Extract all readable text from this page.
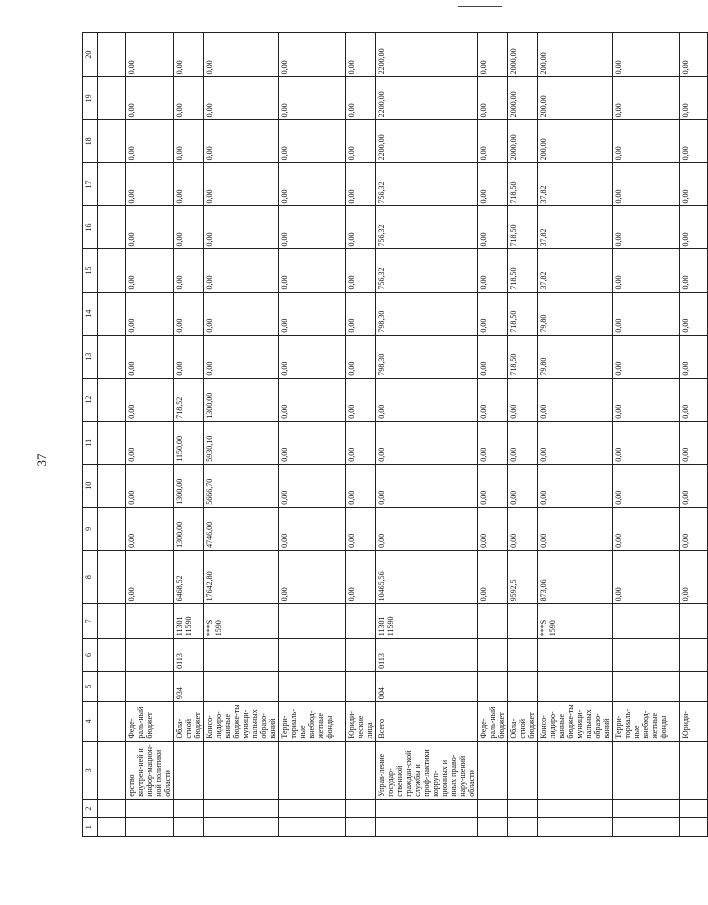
37
1	2	3	4	5	6	7	8	9	10	11	12	13	14	15	16	17	18	19	20

		ерство внутрен-ней и инфор-мацион-ной политики области	Феде-раль-ный бюджет				0,00	0,00	0,00	0,00	0,00	0,00	0,00	0,00	0,00	0,00	0,00	0,00	0,00
			Обла-стной бюджет	934	0113	11301 11590	6468,52	1300,00	1300,00	1150,00	718,52	0,00	0,00	0,00	0,00	0,00	0,00	0,00	0,00
			Консо-лидиро-ванные бюдже-ты муници-пальных образо-ваний			***S 1590	17642,80	4746,00	5666,70	5930,10	1300,00	0,00	0,00	0,00	0,00	0,00	0,00	0,00	0,00
			Терри-ториаль-ные внебюд-жетные фонды				0,00	0,00	0,00	0,00	0,00	0,00	0,00	0,00	0,00	0,00	0,00	0,00	0,00
			Юриди-ческие лица				0,00	0,00	0,00	0,00	0,00	0,00	0,00	0,00	0,00	0,00	0,00	0,00	0,00
		Управ-ление государ-ственной граждан-ской службы и проф-лактики корруп-ционных и иных право-нару-шений области	Всего	004	0113	11301 11590	10465,56	0,00	0,00	0,00	0,00	798,30	798,30	756,32	756,32	756,32	2200,00	2200,00	2200,00
			Феде-раль-ный бюджет				0,00	0,00	0,00	0,00	0,00	0,00	0,00	0,00	0,00	0,00	0,00	0,00	0,00
			Обла-стной бюджет				9592,5	0,00	0,00	0,00	0,00	718,50	718,50	718,50	718,50	718,50	2000,00	2000,00	2000,00
			Консо-лидиро-ванные бюдже-ты муници-пальных образо-ваний			***S 1590	873,06	0,00	0,00	0,00	0,00	79,80	79,80	37,82	37,82	37,82	200,00	200,00	200,00
			Терри-ториаль-ные внебюд-жетные фонды				0,00	0,00	0,00	0,00	0,00	0,00	0,00	0,00	0,00	0,00	0,00	0,00	0,00
			Юриди-				0,00	0,00	0,00	0,00	0,00	0,00	0,00	0,00	0,00	0,00	0,00	0,00	0,00
